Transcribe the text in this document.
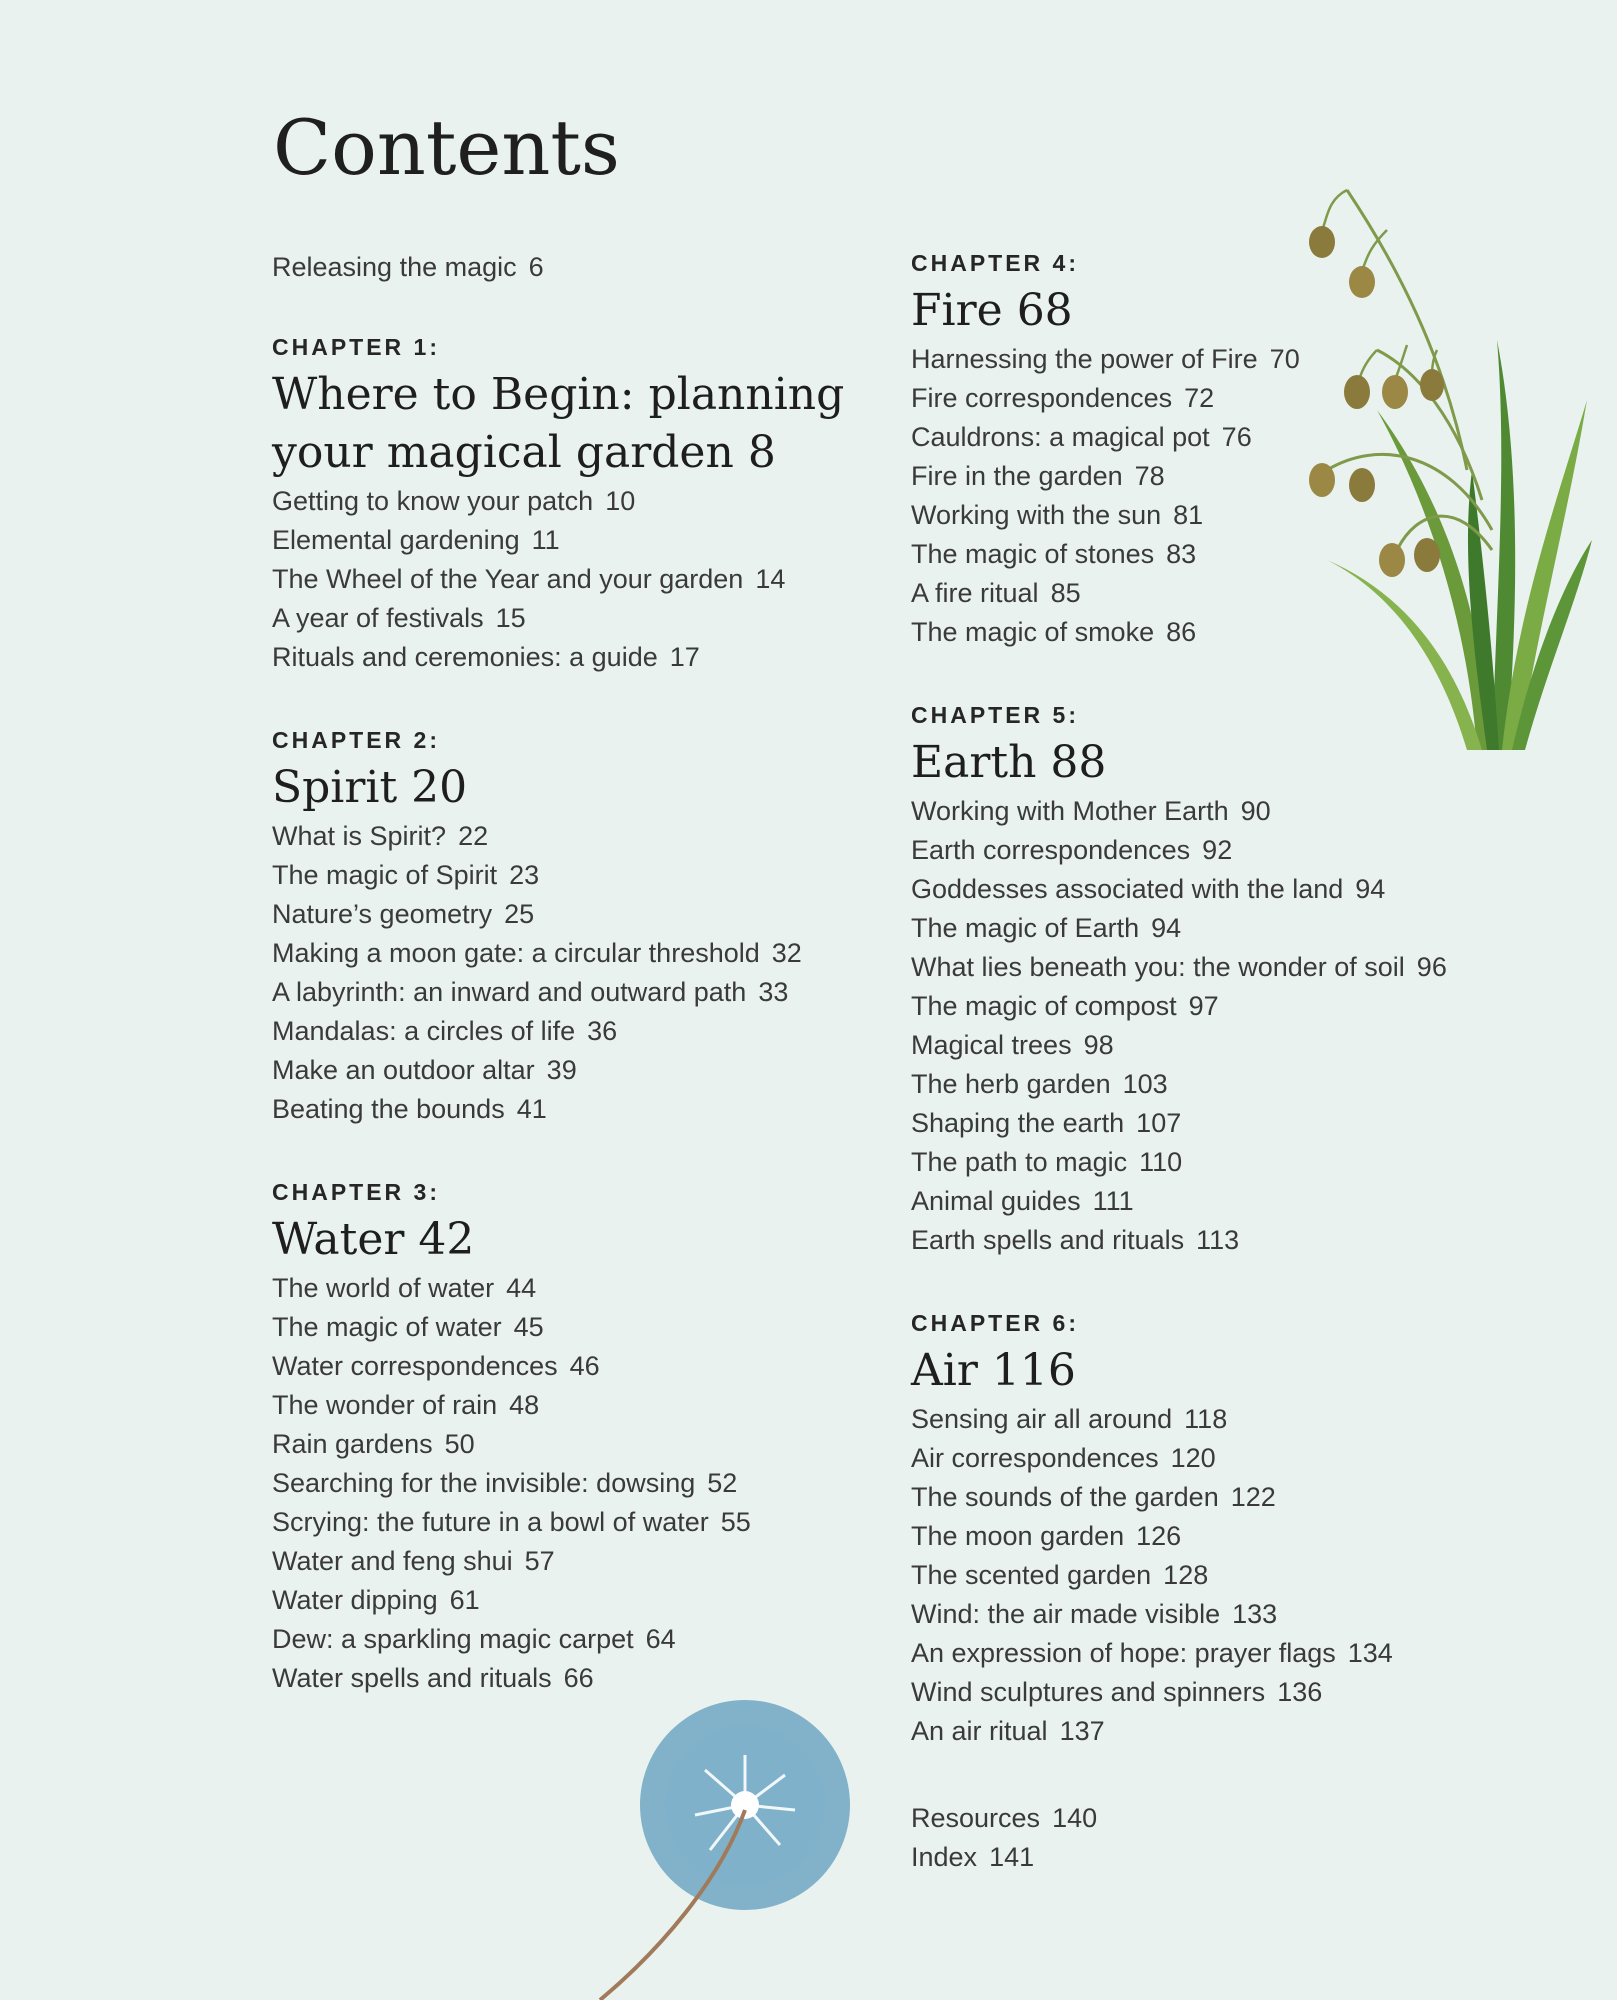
Contents
Releasing the magic 6
CHAPTER 1:
Where to Begin: planning
your magical garden 8
Getting to know your patch 10
Elemental gardening 11
The Wheel of the Year and your garden 14
A year of festivals 15
Rituals and ceremonies: a guide 17
CHAPTER 2:
Spirit 20
What is Spirit? 22
The magic of Spirit 23
Nature’s geometry 25
Making a moon gate: a circular threshold 32
A labyrinth: an inward and outward path 33
Mandalas: a circles of life 36
Make an outdoor altar 39
Beating the bounds 41
CHAPTER 3:
Water 42
The world of water 44
The magic of water 45
Water correspondences 46
The wonder of rain 48
Rain gardens 50
Searching for the invisible: dowsing 52
Scrying: the future in a bowl of water 55
Water and feng shui 57
Water dipping 61
Dew: a sparkling magic carpet 64
Water spells and rituals 66
CHAPTER 4:
Fire 68
Harnessing the power of Fire 70
Fire correspondences 72
Cauldrons: a magical pot 76
Fire in the garden 78
Working with the sun 81
The magic of stones 83
A fire ritual 85
The magic of smoke 86
CHAPTER 5:
Earth 88
Working with Mother Earth 90
Earth correspondences 92
Goddesses associated with the land 94
The magic of Earth 94
What lies beneath you: the wonder of soil 96
The magic of compost 97
Magical trees 98
The herb garden 103
Shaping the earth 107
The path to magic 110
Animal guides 111
Earth spells and rituals 113
CHAPTER 6:
Air 116
Sensing air all around 118
Air correspondences 120
The sounds of the garden 122
The moon garden 126
The scented garden 128
Wind: the air made visible 133
An expression of hope: prayer flags 134
Wind sculptures and spinners 136
An air ritual 137
Resources 140
Index 141
